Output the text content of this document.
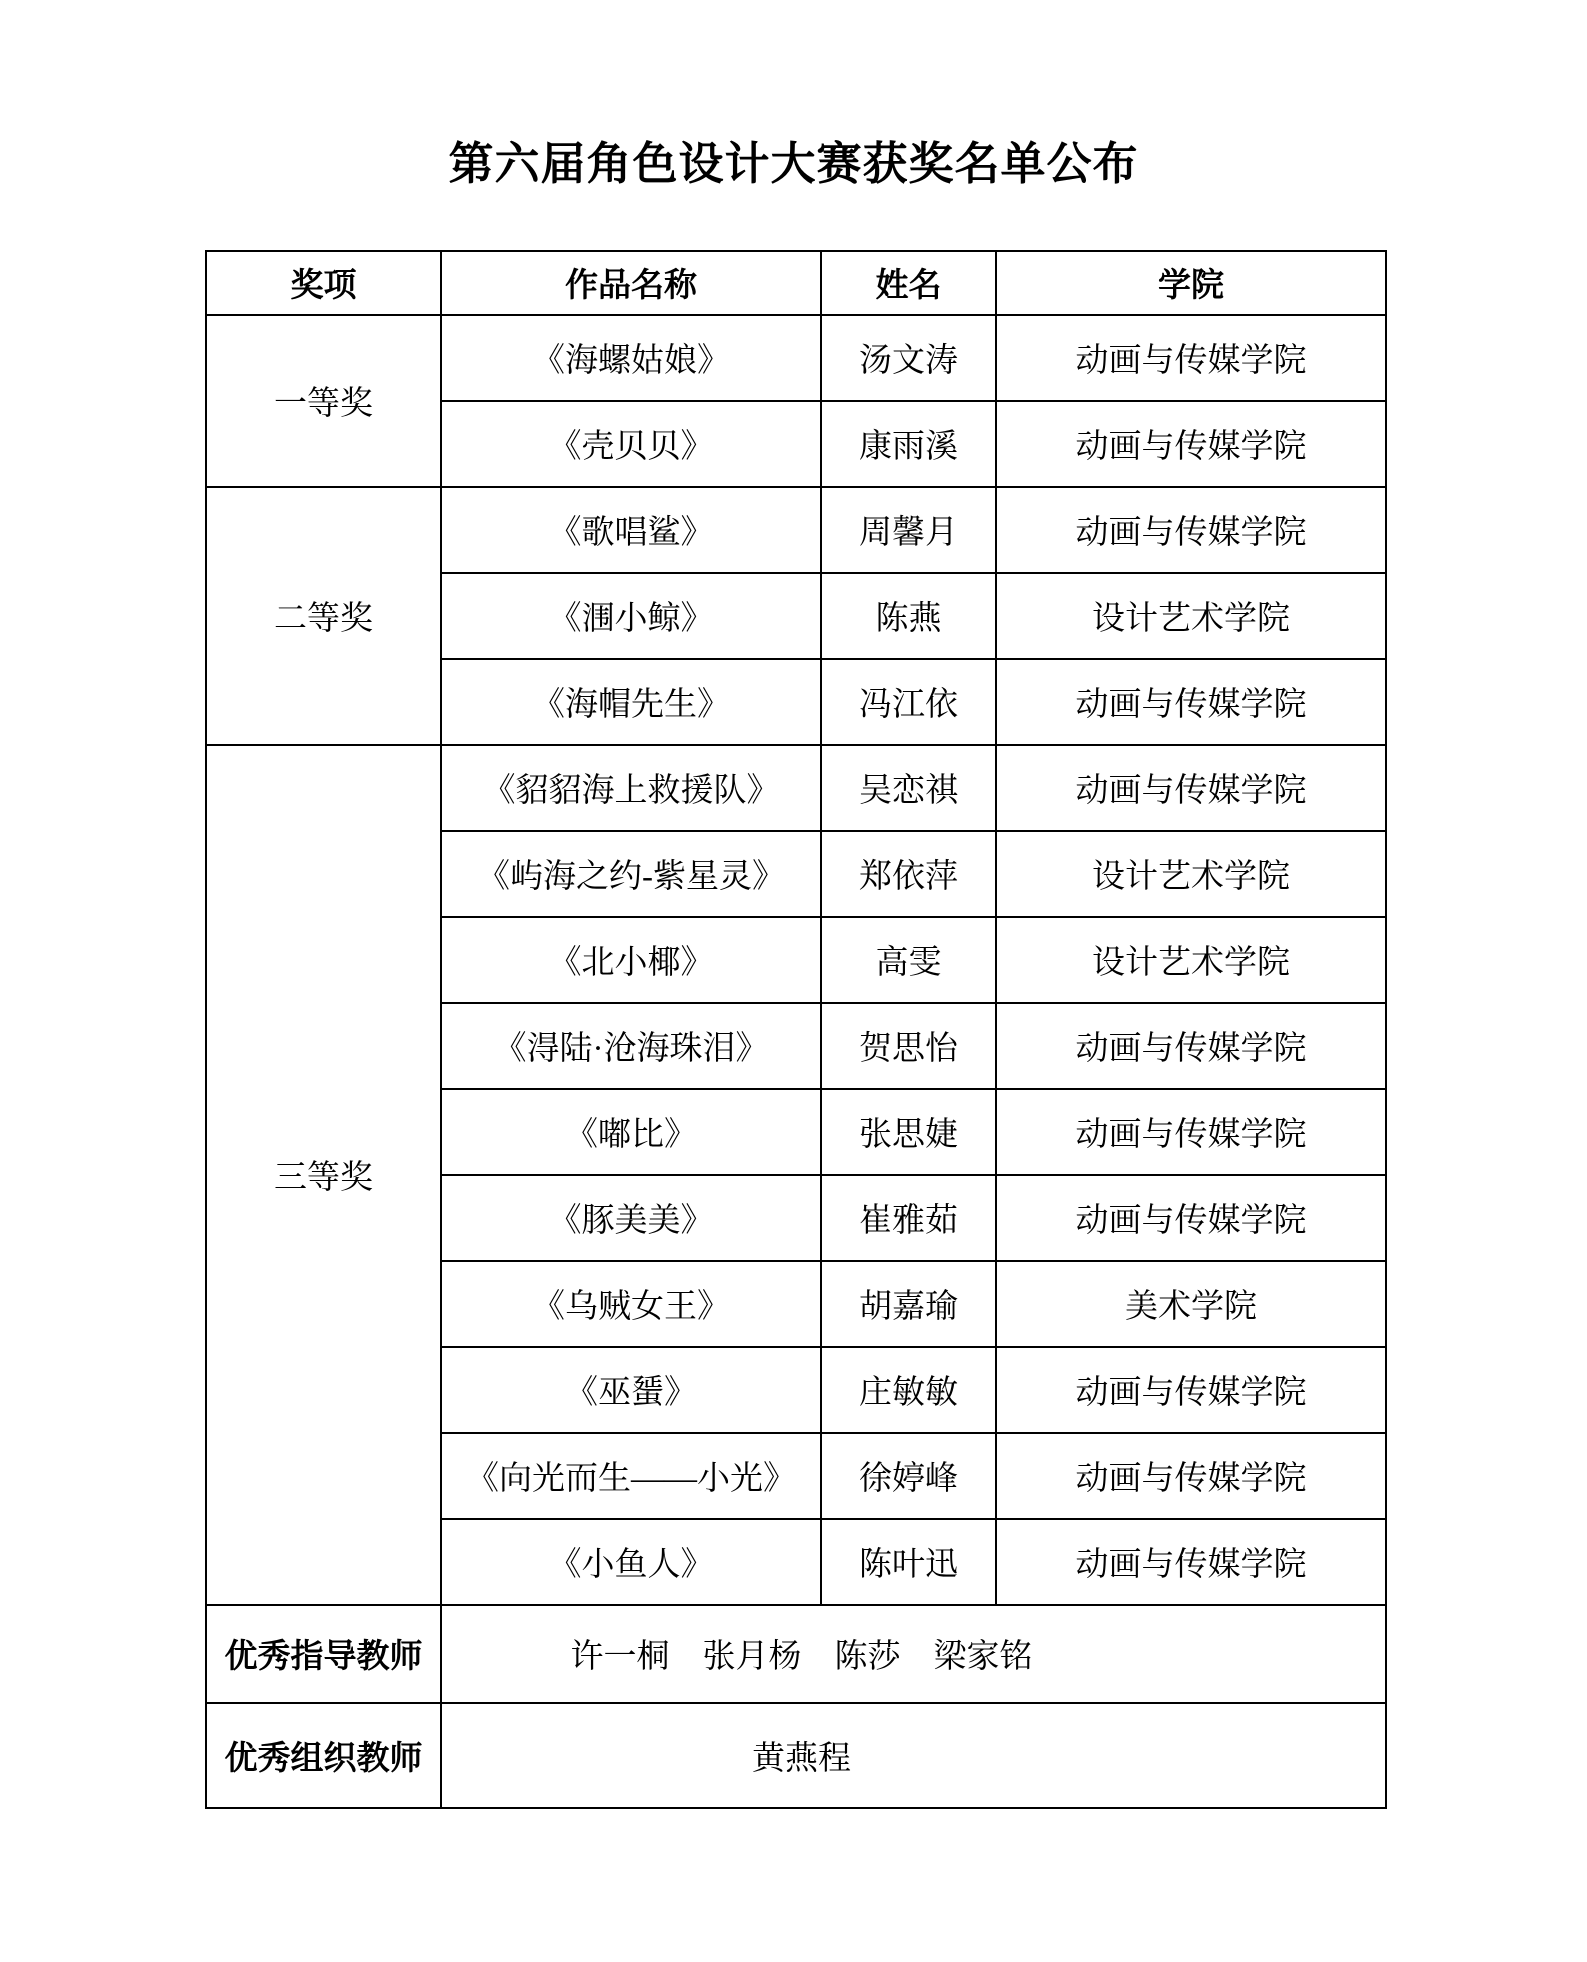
第六届角色设计大赛获奖名单公布
奖项	作品名称	姓名	学院
一等奖	《海螺姑娘》	汤文涛	动画与传媒学院
	《壳贝贝》	康雨溪	动画与传媒学院
二等奖	《歌唱鲨》	周馨月	动画与传媒学院
	《涠小鲸》	陈燕	设计艺术学院
	《海帽先生》	冯江依	动画与传媒学院
三等奖	《貂貂海上救援队》	吴恋祺	动画与传媒学院
	《屿海之约-紫星灵》	郑依萍	设计艺术学院
	《北小椰》	高雯	设计艺术学院
	《淂陆·沧海珠泪》	贺思怡	动画与传媒学院
	《嘟比》	张思婕	动画与传媒学院
	《豚美美》	崔雅茹	动画与传媒学院
	《乌贼女王》	胡嘉瑜	美术学院
	《巫蜑》	庄敏敏	动画与传媒学院
	《向光而生——小光》	徐婷峰	动画与传媒学院
	《小鱼人》	陈叶迅	动画与传媒学院
优秀指导教师	许一桐　张月杨　陈莎　梁家铭		
优秀组织教师	黄燕程		
